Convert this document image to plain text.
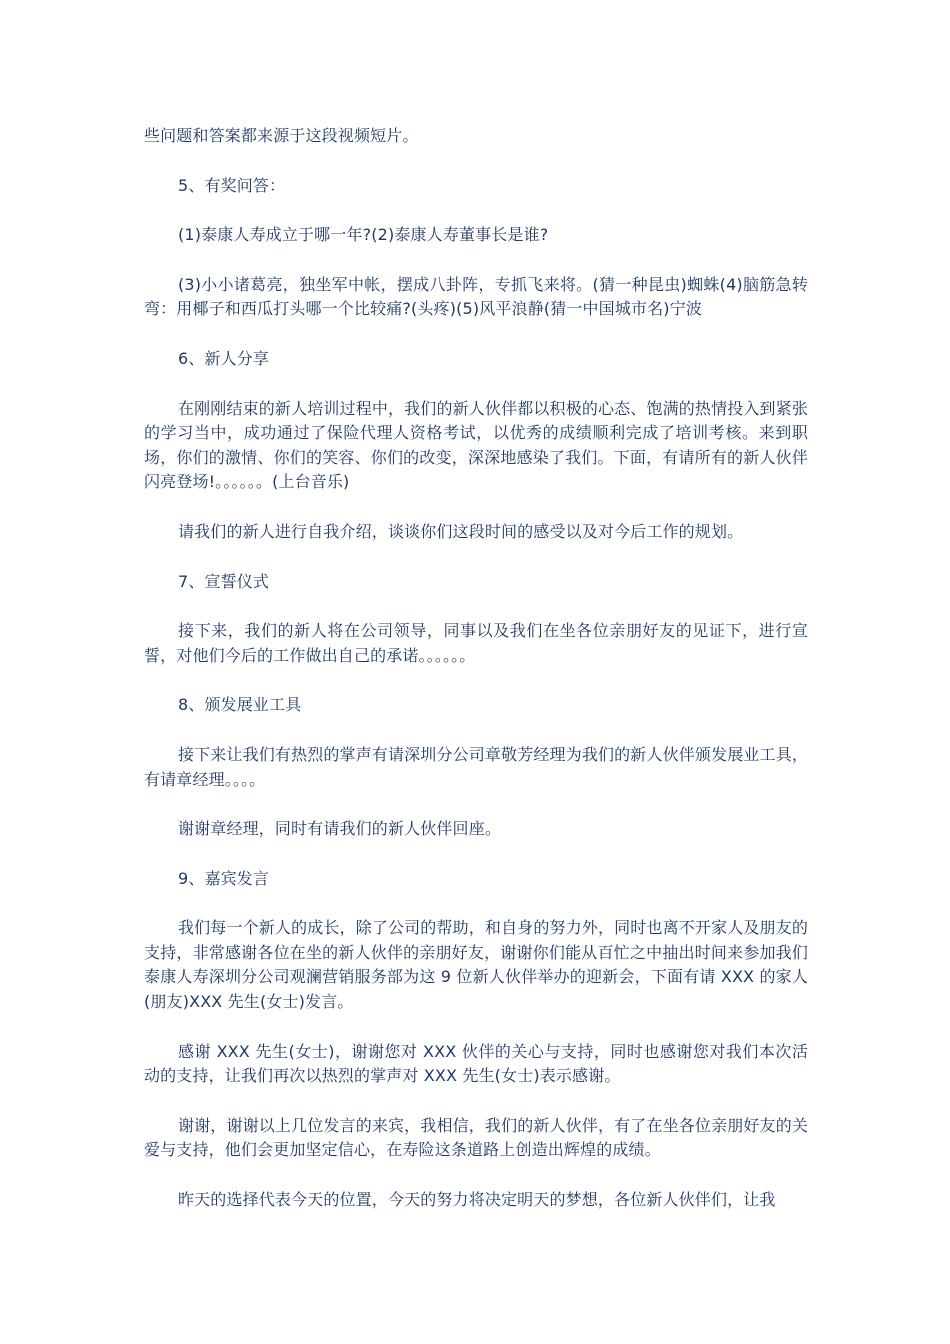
些问题和答案都来源于这段视频短片。

5、有奖问答：

(1)泰康人寿成立于哪一年?(2)泰康人寿董事长是谁?

(3)小小诸葛亮，独坐军中帐，摆成八卦阵，专抓飞来将。(猜一种昆虫)蜘蛛(4)脑筋急转弯：用椰子和西瓜打头哪一个比较痛?(头疼)(5)风平浪静(猜一中国城市名)宁波

6、新人分享

在刚刚结束的新人培训过程中，我们的新人伙伴都以积极的心态、饱满的热情投入到紧张的学习当中，成功通过了保险代理人资格考试，以优秀的成绩顺利完成了培训考核。来到职场，你们的激情、你们的笑容、你们的改变，深深地感染了我们。下面，有请所有的新人伙伴闪亮登场!。。。。。。(上台音乐)

请我们的新人进行自我介绍，谈谈你们这段时间的感受以及对今后工作的规划。

7、宣誓仪式

接下来，我们的新人将在公司领导，同事以及我们在坐各位亲朋好友的见证下，进行宣誓，对他们今后的工作做出自己的承诺。。。。。。

8、颁发展业工具

接下来让我们有热烈的掌声有请深圳分公司章敬芳经理为我们的新人伙伴颁发展业工具，有请章经理。。。。

谢谢章经理，同时有请我们的新人伙伴回座。

9、嘉宾发言

我们每一个新人的成长，除了公司的帮助，和自身的努力外，同时也离不开家人及朋友的支持，非常感谢各位在坐的新人伙伴的亲朋好友，谢谢你们能从百忙之中抽出时间来参加我们泰康人寿深圳分公司观澜营销服务部为这 9 位新人伙伴举办的迎新会，下面有请 XXX 的家人(朋友)XXX 先生(女士)发言。

感谢 XXX 先生(女士)，谢谢您对 XXX 伙伴的关心与支持，同时也感谢您对我们本次活动的支持，让我们再次以热烈的掌声对 XXX 先生(女士)表示感谢。

谢谢，谢谢以上几位发言的来宾，我相信，我们的新人伙伴，有了在坐各位亲朋好友的关爱与支持，他们会更加坚定信心，在寿险这条道路上创造出辉煌的成绩。

昨天的选择代表今天的位置，今天的努力将决定明天的梦想，各位新人伙伴们，让我
